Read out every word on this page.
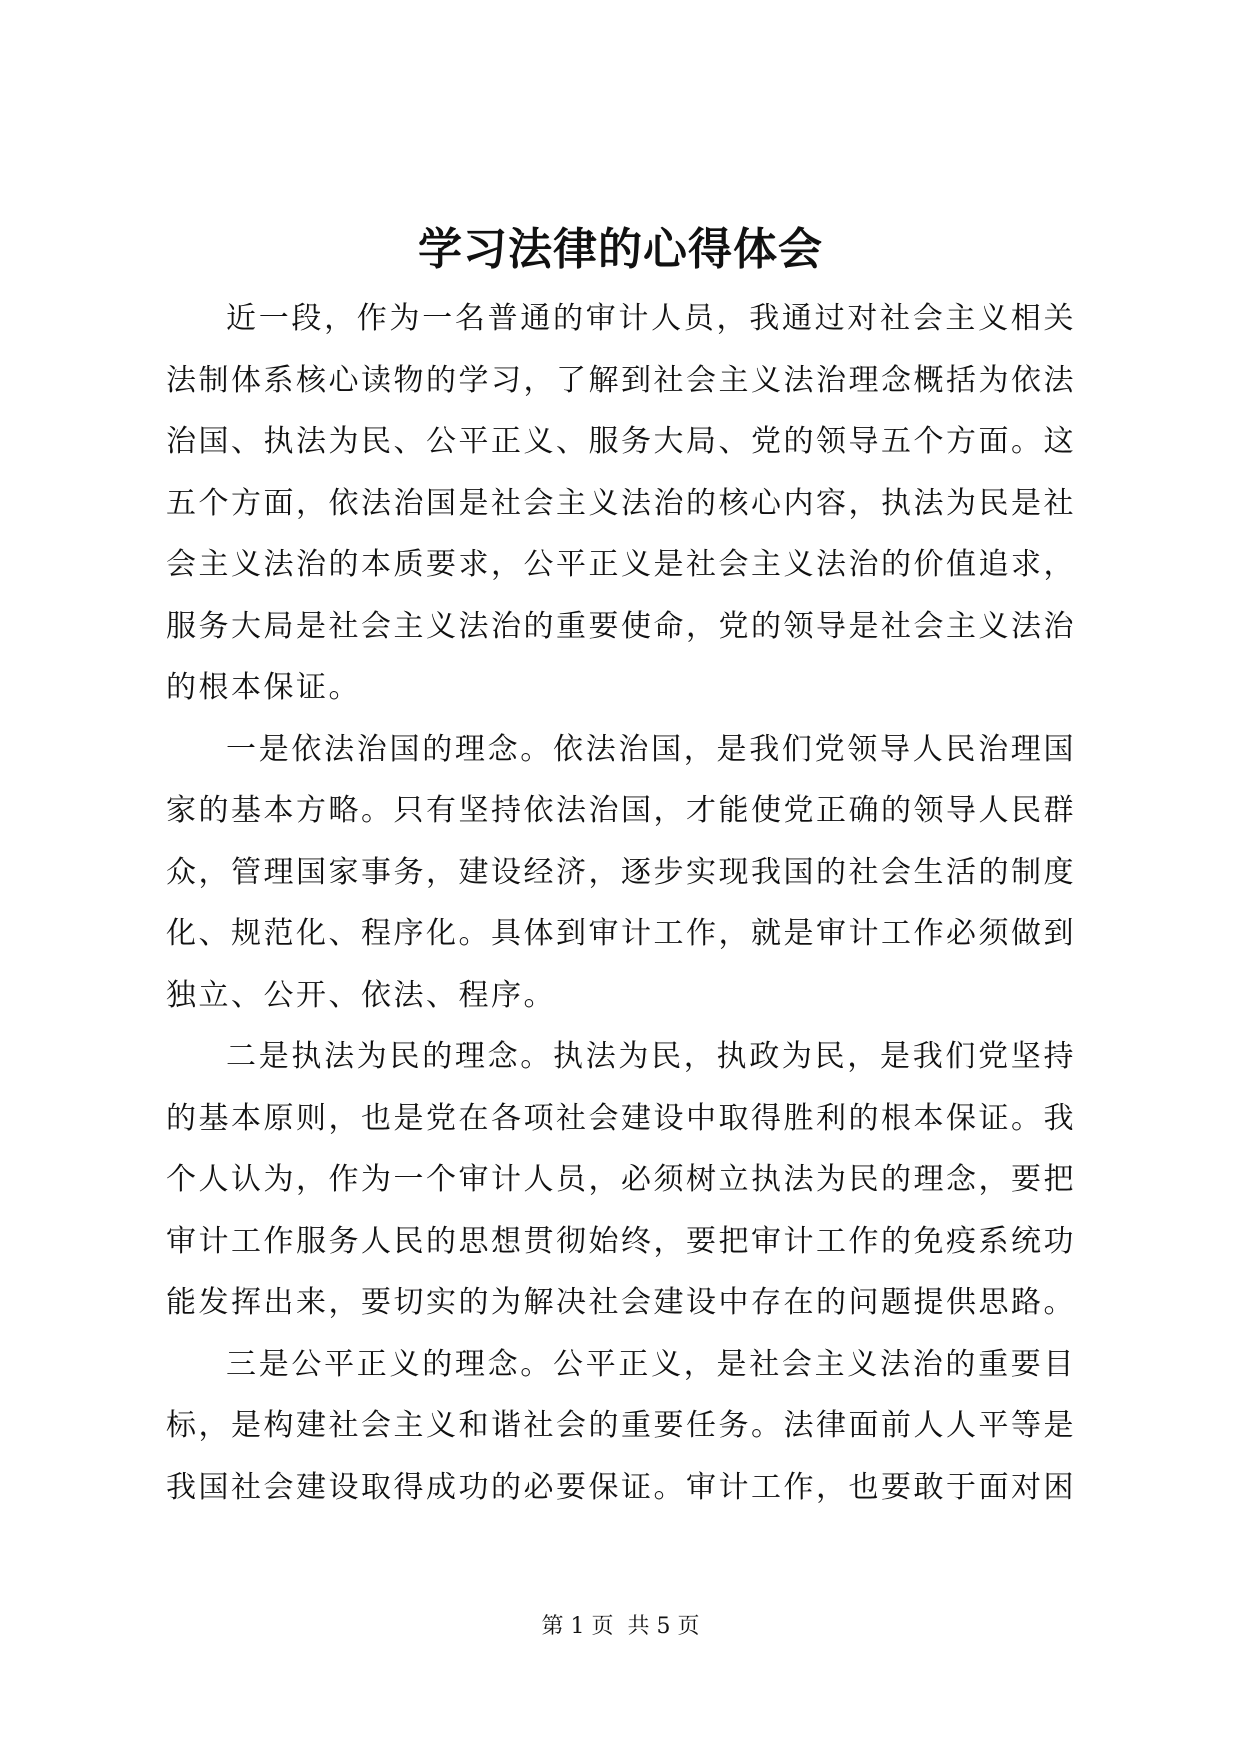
学习法律的心得体会

近一段，作为一名普通的审计人员，我通过对社会主义相关法制体系核心读物的学习，了解到社会主义法治理念概括为依法治国、执法为民、公平正义、服务大局、党的领导五个方面。这五个方面，依法治国是社会主义法治的核心内容，执法为民是社会主义法治的本质要求，公平正义是社会主义法治的价值追求，服务大局是社会主义法治的重要使命，党的领导是社会主义法治的根本保证。

一是依法治国的理念。依法治国，是我们党领导人民治理国家的基本方略。只有坚持依法治国，才能使党正确的领导人民群众，管理国家事务，建设经济，逐步实现我国的社会生活的制度化、规范化、程序化。具体到审计工作，就是审计工作必须做到独立、公开、依法、程序。

二是执法为民的理念。执法为民，执政为民，是我们党坚持的基本原则，也是党在各项社会建设中取得胜利的根本保证。我个人认为，作为一个审计人员，必须树立执法为民的理念，要把审计工作服务人民的思想贯彻始终，要把审计工作的免疫系统功能发挥出来，要切实的为解决社会建设中存在的问题提供思路。

三是公平正义的理念。公平正义，是社会主义法治的重要目标，是构建社会主义和谐社会的重要任务。法律面前人人平等是我国社会建设取得成功的必要保证。审计工作，也要敢于面对困

第 1 页  共 5 页
